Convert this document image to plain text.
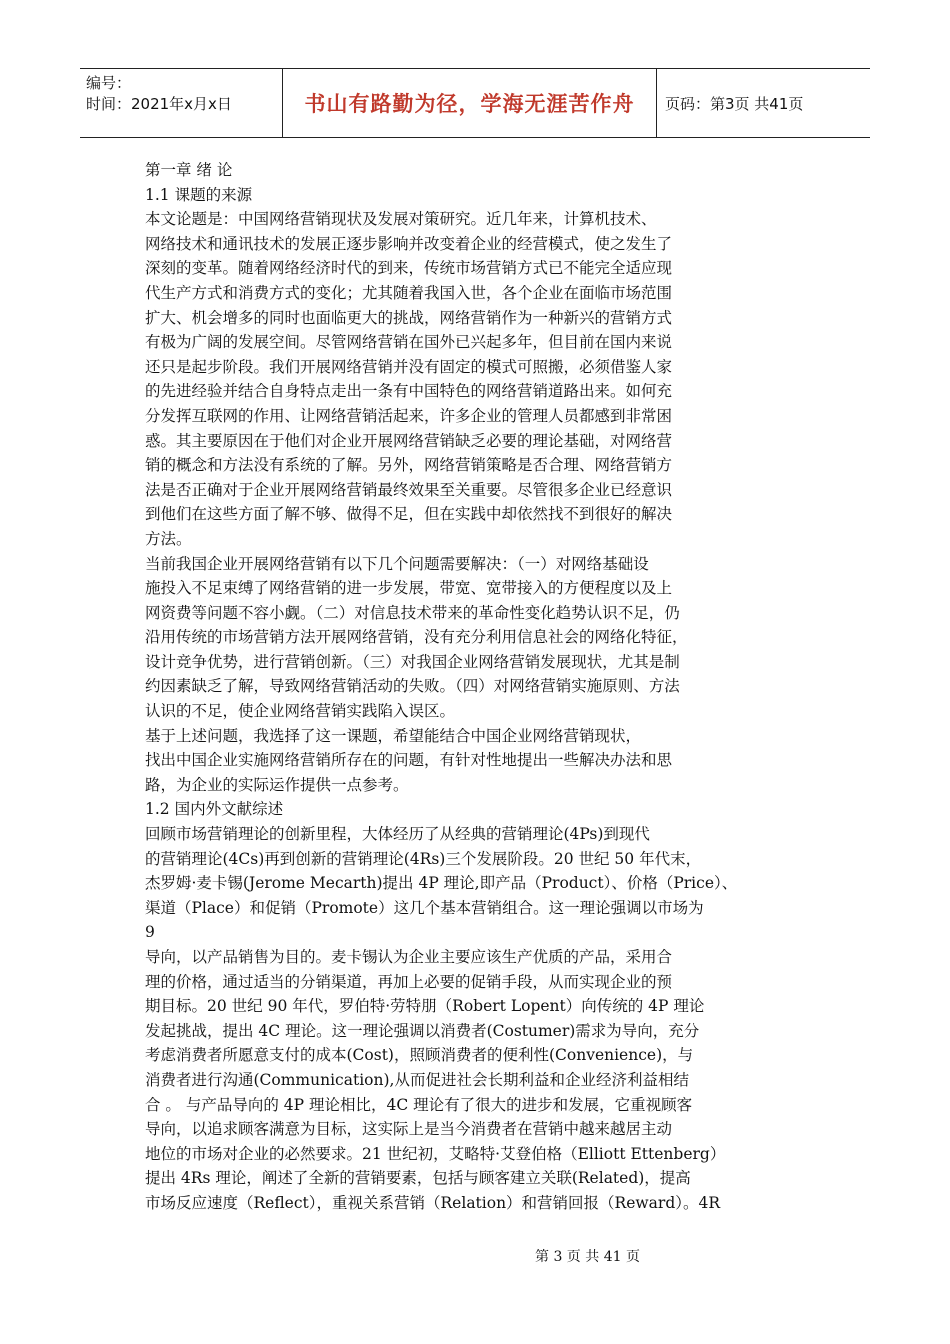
编号：
时间：2021年x月x日	书山有路勤为径，学海无涯苦作舟 页码：第3页 共41页
第一章 绪 论
1.1 课题的来源
本文论题是：中国网络营销现状及发展对策研究。近几年来，计算机技术、
网络技术和通讯技术的发展正逐步影响并改变着企业的经营模式，使之发生了
深刻的变革。随着网络经济时代的到来，传统市场营销方式已不能完全适应现
代生产方式和消费方式的变化；尤其随着我国入世，各个企业在面临市场范围
扩大、机会增多的同时也面临更大的挑战，网络营销作为一种新兴的营销方式
有极为广阔的发展空间。尽管网络营销在国外已兴起多年，但目前在国内来说
还只是起步阶段。我们开展网络营销并没有固定的模式可照搬，必须借鉴人家
的先进经验并结合自身特点走出一条有中国特色的网络营销道路出来。如何充
分发挥互联网的作用、让网络营销活起来，许多企业的管理人员都感到非常困
惑。其主要原因在于他们对企业开展网络营销缺乏必要的理论基础，对网络营
销的概念和方法没有系统的了解。另外，网络营销策略是否合理、网络营销方
法是否正确对于企业开展网络营销最终效果至关重要。尽管很多企业已经意识
到他们在这些方面了解不够、做得不足，但在实践中却依然找不到很好的解决
方法。
当前我国企业开展网络营销有以下几个问题需要解决：（一）对网络基础设
施投入不足束缚了网络营销的进一步发展，带宽、宽带接入的方便程度以及上
网资费等问题不容小觑。（二）对信息技术带来的革命性变化趋势认识不足，仍
沿用传统的市场营销方法开展网络营销，没有充分利用信息社会的网络化特征，
设计竞争优势，进行营销创新。（三）对我国企业网络营销发展现状，尤其是制
约因素缺乏了解，导致网络营销活动的失败。（四）对网络营销实施原则、方法
认识的不足，使企业网络营销实践陷入误区。
基于上述问题，我选择了这一课题，希望能结合中国企业网络营销现状，
找出中国企业实施网络营销所存在的问题，有针对性地提出一些解决办法和思
路，为企业的实际运作提供一点参考。
1.2 国内外文献综述
回顾市场营销理论的创新里程，大体经历了从经典的营销理论(4Ps)到现代
的营销理论(4Cs)再到创新的营销理论(4Rs)三个发展阶段。20 世纪 50 年代末，
杰罗姆·麦卡锡(Jerome Mecarth)提出 4P 理论,即产品（Product）、价格（Price）、
渠道（Place）和促销（Promote）这几个基本营销组合。这一理论强调以市场为
9
导向，以产品销售为目的。麦卡锡认为企业主要应该生产优质的产品，采用合
理的价格，通过适当的分销渠道，再加上必要的促销手段，从而实现企业的预
期目标。20 世纪 90 年代，罗伯特·劳特朋（Robert Lopent）向传统的 4P 理论
发起挑战，提出 4C 理论。这一理论强调以消费者(Costumer)需求为导向，充分
考虑消费者所愿意支付的成本(Cost)，照顾消费者的便利性(Convenience)，与
消费者进行沟通(Communication),从而促进社会长期利益和企业经济利益相结
合 。 与产品导向的 4P 理论相比，4C 理论有了很大的进步和发展，它重视顾客
导向，以追求顾客满意为目标，这实际上是当今消费者在营销中越来越居主动
地位的市场对企业的必然要求。21 世纪初，艾略特·艾登伯格（Elliott Ettenberg）
提出 4Rs 理论，阐述了全新的营销要素，包括与顾客建立关联(Related)，提高
市场反应速度（Reflect），重视关系营销（Relation）和营销回报（Reward）。4R
第 3 页 共 41 页
